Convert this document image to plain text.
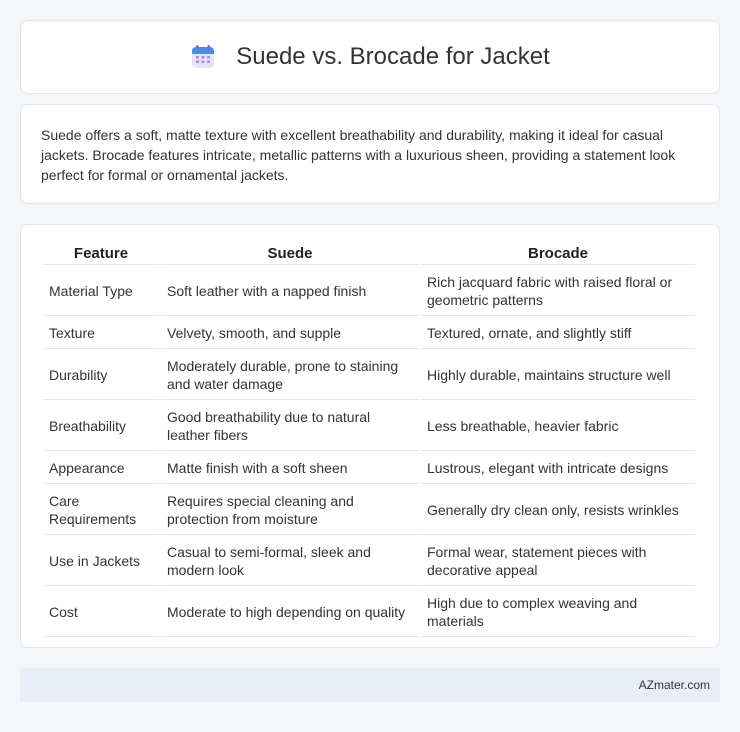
Suede vs. Brocade for Jacket

Suede offers a soft, matte texture with excellent breathability and durability, making it ideal for casual jackets. Brocade features intricate, metallic patterns with a luxurious sheen, providing a statement look perfect for formal or ornamental jackets.

Feature	Suede	Brocade
Material Type	Soft leather with a napped finish	Rich jacquard fabric with raised floral or geometric patterns
Texture	Velvety, smooth, and supple	Textured, ornate, and slightly stiff
Durability	Moderately durable, prone to staining and water damage	Highly durable, maintains structure well
Breathability	Good breathability due to natural leather fibers	Less breathable, heavier fabric
Appearance	Matte finish with a soft sheen	Lustrous, elegant with intricate designs
Care Requirements	Requires special cleaning and protection from moisture	Generally dry clean only, resists wrinkles
Use in Jackets	Casual to semi-formal, sleek and modern look	Formal wear, statement pieces with decorative appeal
Cost	Moderate to high depending on quality	High due to complex weaving and materials
AZmater.com
